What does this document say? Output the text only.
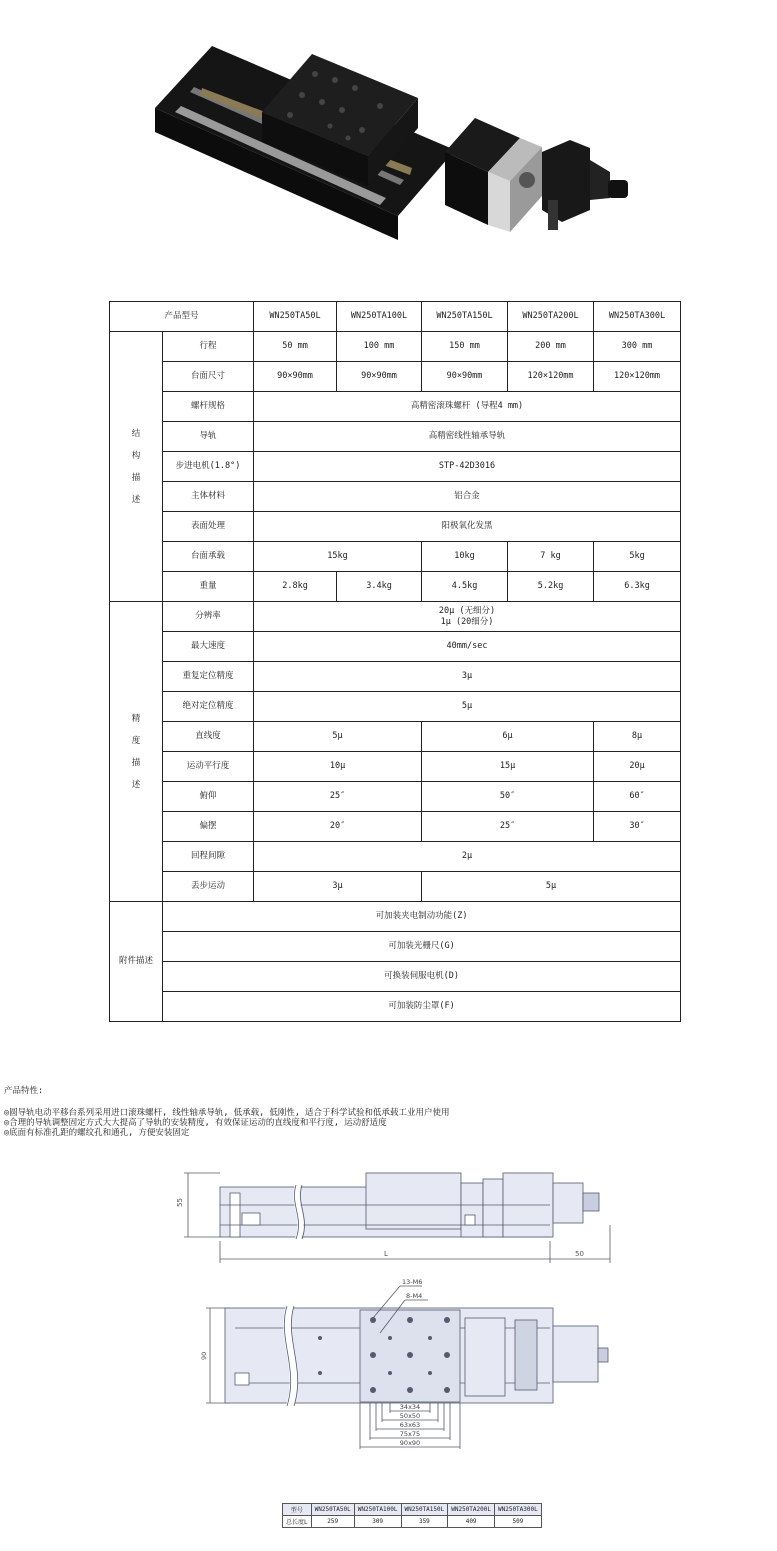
产品型号		WN250TA50L	WN250TA100L	WN250TA150L	WN250TA200L	WN250TA300L
结构描述	行程	50 mm	100 mm	150 mm	200 mm	300 mm
	台面尺寸	90×90mm	90×90mm	90×90mm	120×120mm	120×120mm
	螺杆规格	高精密滚珠螺杆 (导程4 mm)				
	导轨	高精密线性轴承导轨				
	步进电机(1.8°)	STP-42D3016				
	主体材料	铝合金				
	表面处理	阳极氧化发黑				
	台面承载	15kg		10kg	7 kg	5kg
	重量	2.8kg	3.4kg	4.5kg	5.2kg	6.3kg
精度描述	分辨率	20μ (无细分)
1μ (20细分)				

	最大速度	40mm/sec				
	重复定位精度	3μ				
	绝对定位精度	5μ				
	直线度	5μ		6μ		8μ
	运动平行度	10μ		15μ		20μ
	俯仰	25″		50″		60″
	偏摆	20″		25″		30″
	回程间隙	2μ				
	丢步运动	3μ		5μ		
附件描述	可加装夹电制动功能(Z)					
	可加装光栅尺(G)					
	可换装伺服电机(D)					
	可加装防尘罩(F)					
产品特性:
◎圆导轨电动平移台系列采用进口滚珠螺杆, 线性轴承导轨, 低承载, 低刚性, 适合于科学试验和低承载工业用户使用
◎合理的导轨调整固定方式大大提高了导轨的安装精度, 有效保证运动的直线度和平行度, 运动舒适度
◎底面有标准孔距的螺纹孔和通孔, 方便安装固定
55
L	50
90
13-M6
8-M4
34x34
50x50
63x63
75x75
90x90
型号	WN250TA50L	WN250TA100L	WN250TA150L	WN250TA200L	WN250TA300L
总长度L	259	309	359	409	509
